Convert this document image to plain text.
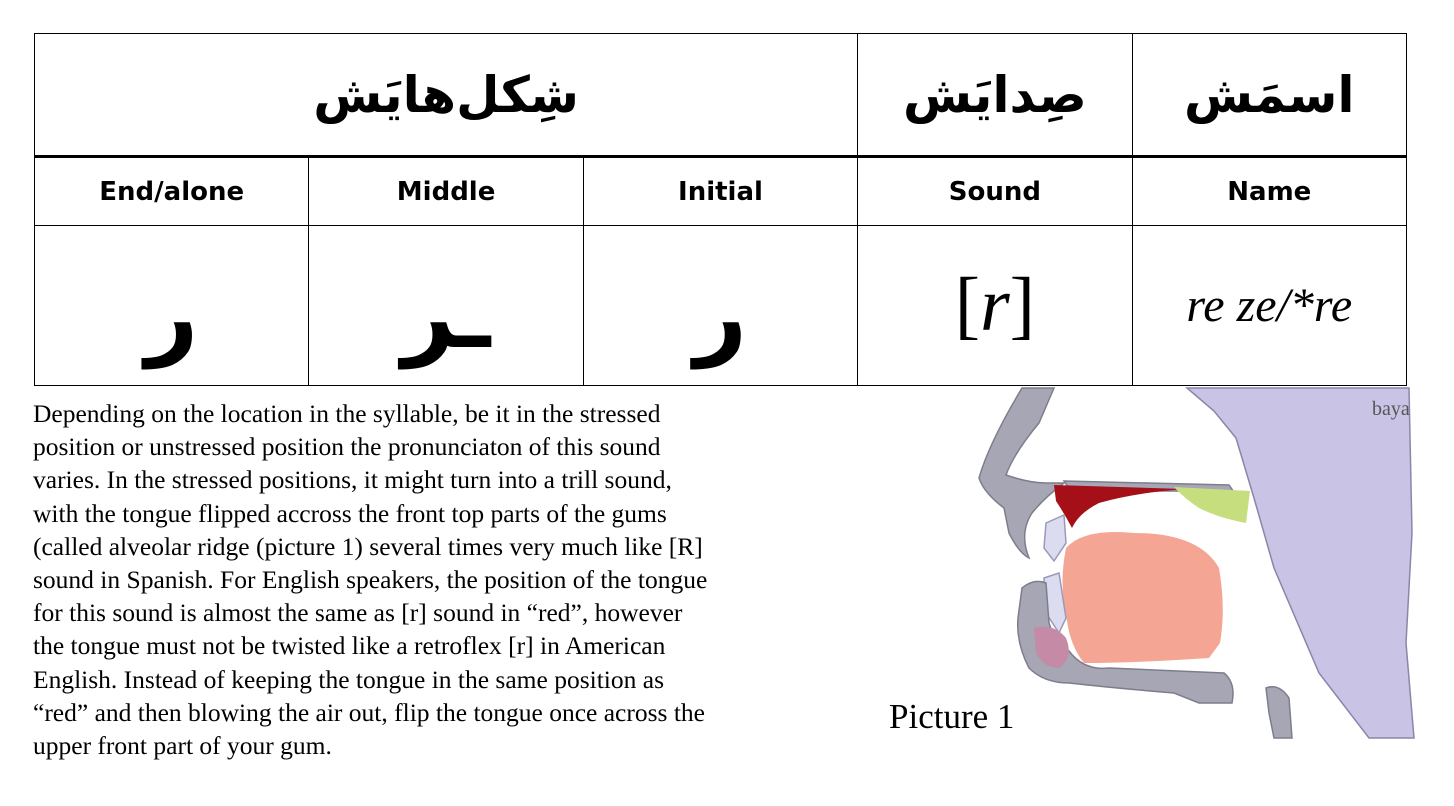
شِکل‌هایَش			صِدایَش	اسمَش
End/alone	Middle	Initial	Sound	Name
ر	ـر	ر	[r]	re ze/*re
Depending on the location in the syllable, be it in the stressed
position or unstressed position the pronunciaton of this sound
varies. In the stressed positions, it might turn into a trill sound,
with the tongue flipped accross the front top parts of the gums
(called alveolar ridge (picture 1) several times very much like [R]
sound in Spanish. For English speakers, the position of the tongue
for this sound is almost the same as [r] sound in “red”, however
the tongue must not be twisted like a retroflex [r] in American
English. Instead of keeping the tongue in the same position as
“red” and then blowing the air out, flip the tongue once across the
upper front part of your gum.
baya
Picture 1
